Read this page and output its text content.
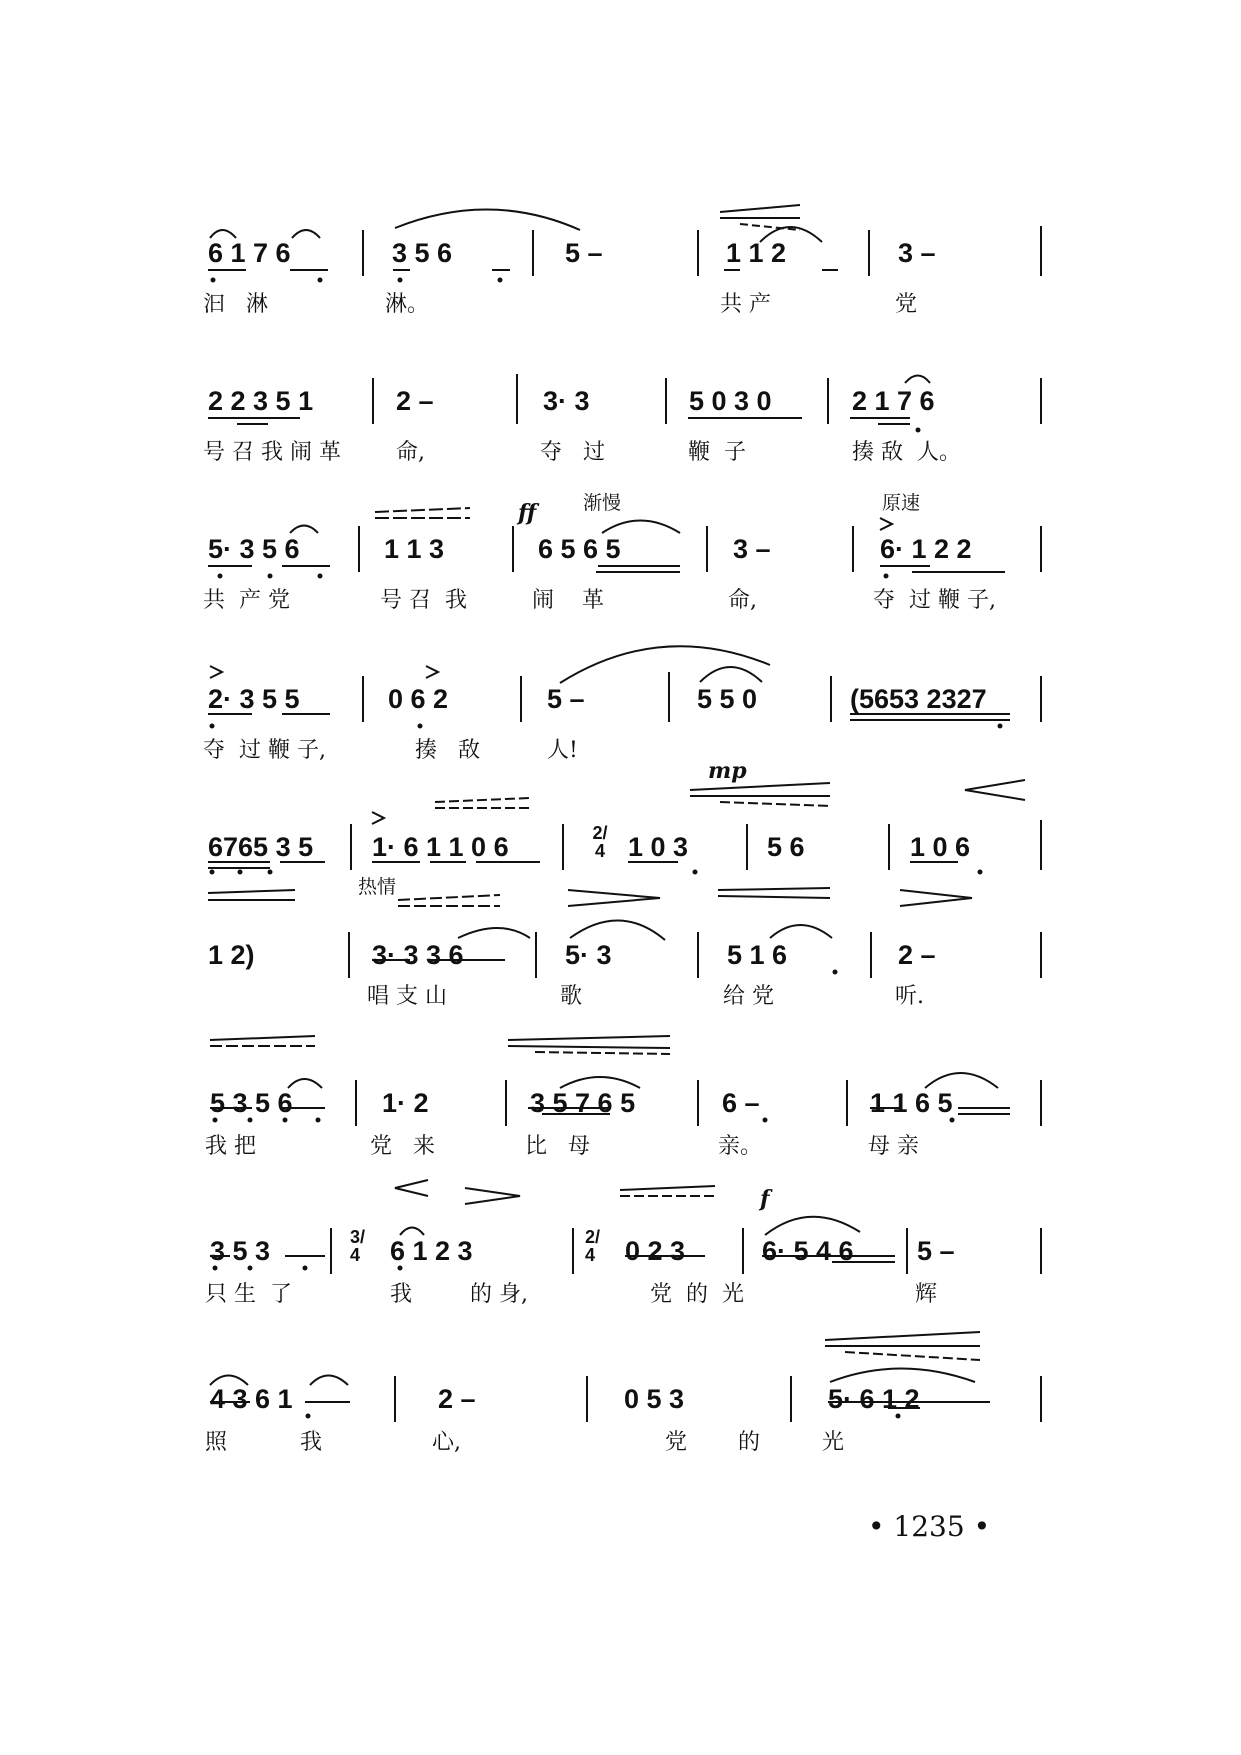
6 1 7 6	3 5 6	5 –	1 1 2	3 –
汩   淋	淋。	共 产	党
2 2 3 5 1	2 –	3· 3	5 0 3 0	2 1 7 6
号 召 我 闹 革	命,	夺   过	鞭  子	揍 敌  人。
ff 渐慢	原速
5· 3 5 6	1 1 3	6 5 6 5	3 –	6· 1 2 2
共  产 党	号 召  我	闹    革	命,	夺  过 鞭 子,
2· 3 5 5	0 6 2	5 –	5 5 0	(5653 2327
夺  过 鞭 子,	揍   敌	人!
mp
6765 3 5 1· 6 1 1 0 6	2/4 1 0 3	5 6	1 0 6
热情
1 2)	3· 3 3 6	5· 3	5 1 6	2 –
唱 支 山	歌	给 党	听.
5 3 5 6	1· 2	3 5 7 6 5	6 –	1 1 6 5
我 把	党   来	比   母	亲。	母 亲
f
3 5 3	3/4	6 1 2 3	2/4	0 2 3	6· 5 4 6 5 –
只 生  了	我	的 身,	党  的  光	辉
4 3 6 1	2 –	0 5 3	5· 6 1 2
照	我	心,	党 的	光
• 1235 •
